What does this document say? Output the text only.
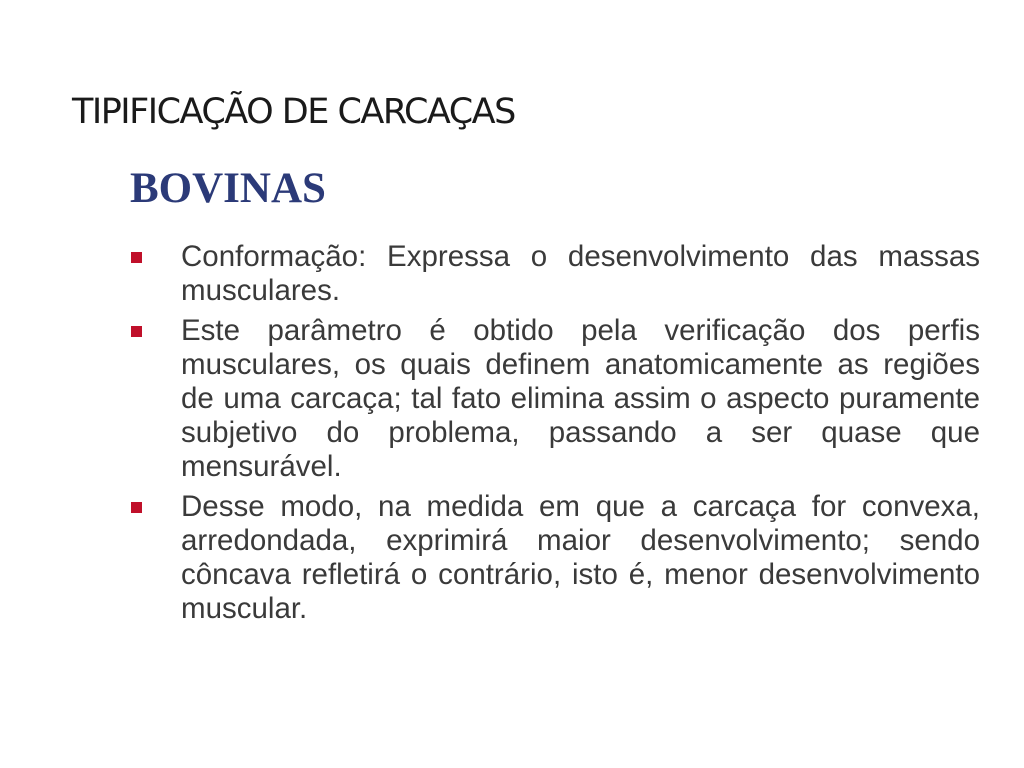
TIPIFICAÇÃO DE CARCAÇAS
BOVINAS
Conformação: Expressa o desenvolvimento das massas musculares.
Este parâmetro é obtido pela verificação dos perfis musculares, os quais definem anatomicamente as regiões de uma carcaça; tal fato elimina assim o aspecto puramente subjetivo do problema, passando a ser quase que mensurável.
Desse modo, na medida em que a carcaça for convexa, arredondada, exprimirá maior desenvolvimento; sendo côncava refletirá o contrário, isto é, menor desenvolvimento muscular.
